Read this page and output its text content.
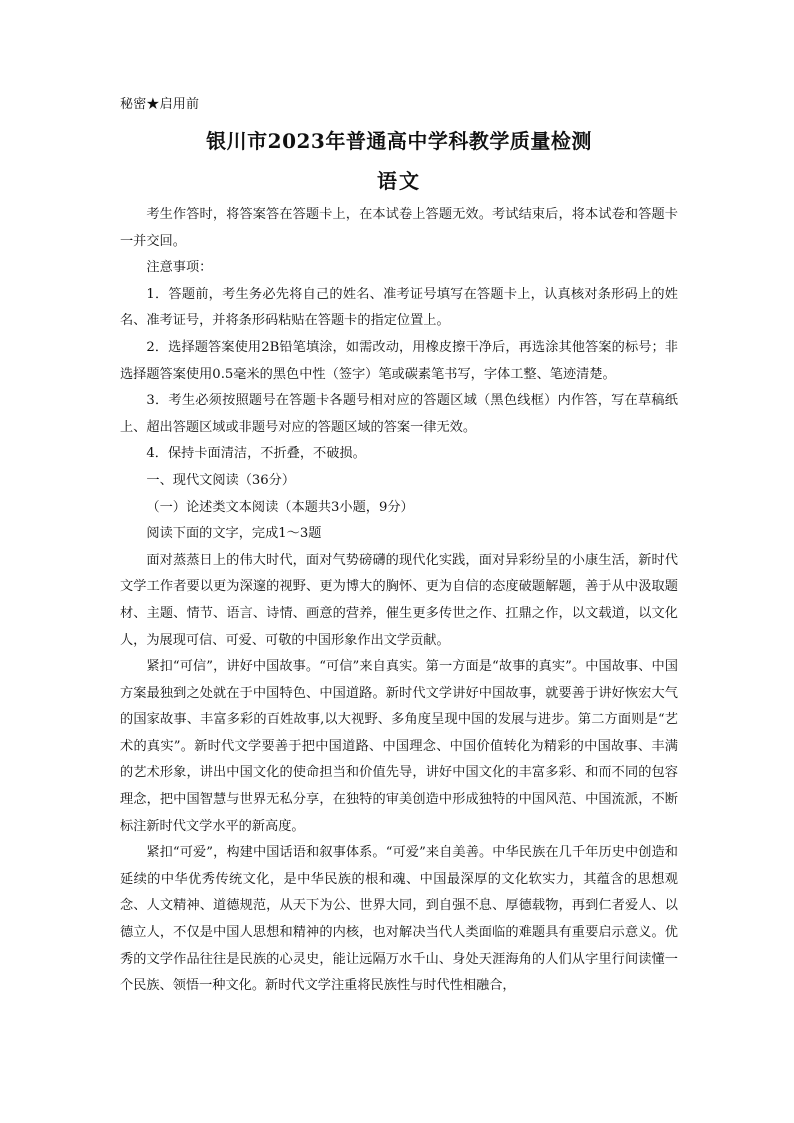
秘密★启用前

银川市2023年普通高中学科教学质量检测
语文

考生作答时，将答案答在答题卡上，在本试卷上答题无效。考试结束后，将本试卷和答题卡一并交回。

注意事项：

1．答题前，考生务必先将自己的姓名、准考证号填写在答题卡上，认真核对条形码上的姓名、准考证号，并将条形码粘贴在答题卡的指定位置上。

2．选择题答案使用2B铅笔填涂，如需改动，用橡皮擦干净后，再选涂其他答案的标号；非选择题答案使用0.5毫米的黑色中性（签字）笔或碳素笔书写，字体工整、笔迹清楚。

3．考生必须按照题号在答题卡各题号相对应的答题区域（黑色线框）内作答，写在草稿纸上、超出答题区域或非题号对应的答题区域的答案一律无效。

4．保持卡面清洁，不折叠，不破损。

一、现代文阅读（36分）

（一）论述类文本阅读（本题共3小题，9分）

阅读下面的文字，完成1～3题

面对蒸蒸日上的伟大时代，面对气势磅礴的现代化实践，面对异彩纷呈的小康生活，新时代文学工作者要以更为深邃的视野、更为博大的胸怀、更为自信的态度破题解题，善于从中汲取题材、主题、情节、语言、诗情、画意的营养，催生更多传世之作、扛鼎之作，以文载道，以文化人，为展现可信、可爱、可敬的中国形象作出文学贡献。

紧扣“可信”，讲好中国故事。“可信”来自真实。第一方面是“故事的真实”。中国故事、中国方案最独到之处就在于中国特色、中国道路。新时代文学讲好中国故事，就要善于讲好恢宏大气的国家故事、丰富多彩的百姓故事,以大视野、多角度呈现中国的发展与进步。第二方面则是“艺术的真实”。新时代文学要善于把中国道路、中国理念、中国价值转化为精彩的中国故事、丰满的艺术形象，讲出中国文化的使命担当和价值先导，讲好中国文化的丰富多彩、和而不同的包容理念，把中国智慧与世界无私分享，在独特的审美创造中形成独特的中国风范、中国流派，不断标注新时代文学水平的新高度。

紧扣“可爱”，构建中国话语和叙事体系。“可爱”来自美善。中华民族在几千年历史中创造和延续的中华优秀传统文化，是中华民族的根和魂、中国最深厚的文化软实力，其蕴含的思想观念、人文精神、道德规范，从天下为公、世界大同，到自强不息、厚德载物，再到仁者爱人、以德立人，不仅是中国人思想和精神的内核，也对解决当代人类面临的难题具有重要启示意义。优秀的文学作品往往是民族的心灵史，能让远隔万水千山、身处天涯海角的人们从字里行间读懂一个民族、领悟一种文化。新时代文学注重将民族性与时代性相融合，
